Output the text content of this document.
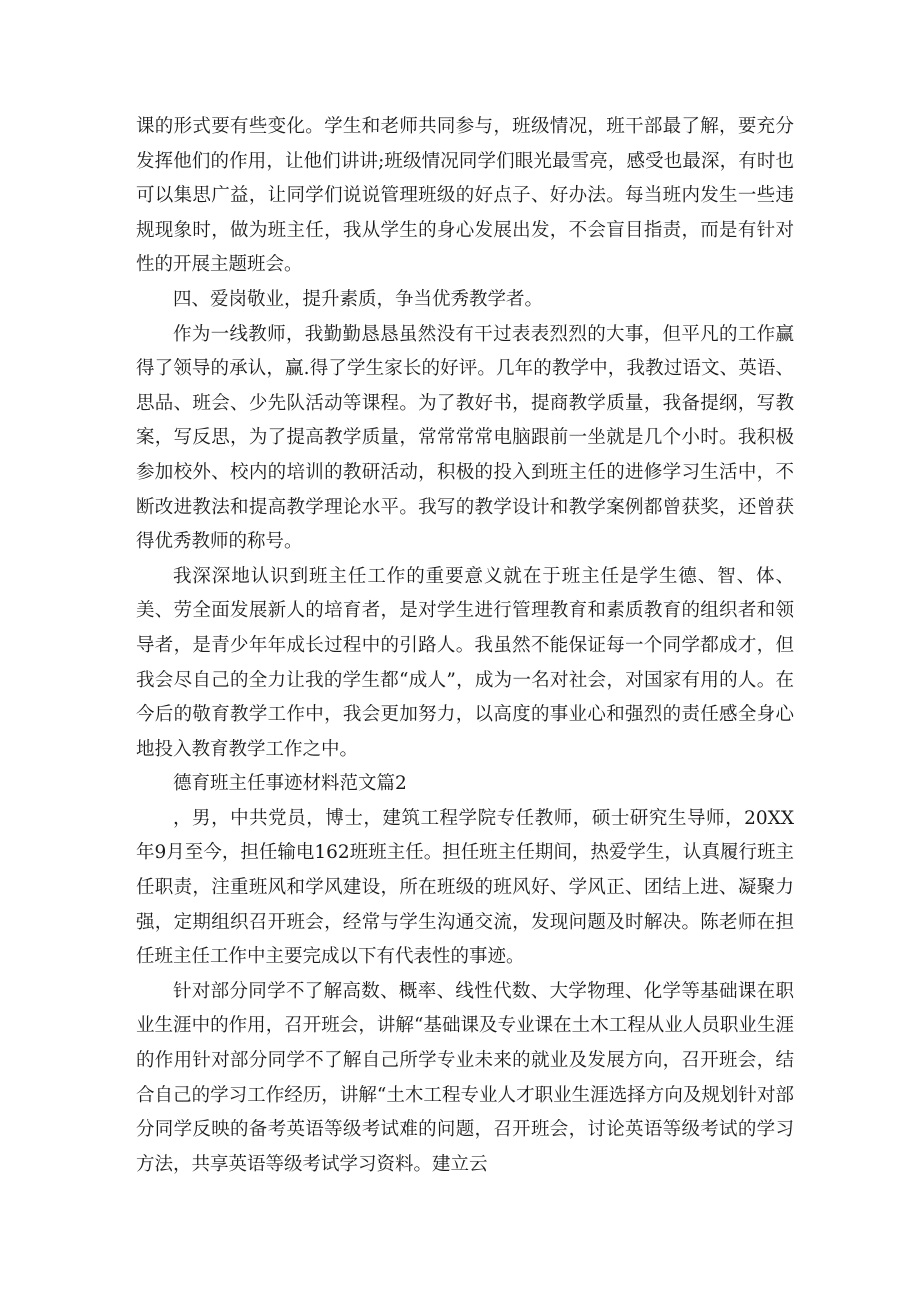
课的形式要有些变化。学生和老师共同参与，班级情况，班干部最了解，要充分发挥他们的作用，让他们讲讲;班级情况同学们眼光最雪亮，感受也最深，有时也可以集思广益，让同学们说说管理班级的好点子、好办法。每当班内发生一些违规现象时，做为班主任，我从学生的身心发展出发，不会盲目指责，而是有针对性的开展主题班会。

四、爱岗敬业，提升素质，争当优秀教学者。

作为一线教师，我勤勤恳恳虽然没有干过表表烈烈的大事，但平凡的工作赢得了领导的承认，赢.得了学生家长的好评。几年的教学中，我教过语文、英语、思品、班会、少先队活动等课程。为了教好书，提商教学质量，我备提纲，写教案，写反思，为了提高教学质量，常常常常电脑跟前一坐就是几个小时。我积极参加校外、校内的培训的教研活动，积极的投入到班主任的进修学习生活中，不断改进教法和提高教学理论水平。我写的教学设计和教学案例都曾获奖，还曾获得优秀教师的称号。

我深深地认识到班主任工作的重要意义就在于班主任是学生德、智、体、美、劳全面发展新人的培育者，是对学生进行管理教育和素质教育的组织者和领导者，是青少年年成长过程中的引路人。我虽然不能保证每一个同学都成才，但我会尽自己的全力让我的学生都“成人”，成为一名对社会，对国家有用的人。在今后的敬育教学工作中，我会更加努力，以高度的事业心和强烈的责任感全身心地投入教育教学工作之中。

德育班主任事迹材料范文篇2

，男，中共党员，博士，建筑工程学院专任教师，硕士研究生导师，20XX年9月至今，担任输电162班班主任。担任班主任期间，热爱学生，认真履行班主任职责，注重班风和学风建设，所在班级的班风好、学风正、团结上进、凝聚力强，定期组织召开班会，经常与学生沟通交流，发现问题及时解决。陈老师在担任班主任工作中主要完成以下有代表性的事迹。

针对部分同学不了解高数、概率、线性代数、大学物理、化学等基础课在职业生涯中的作用，召开班会，讲解“基础课及专业课在土木工程从业人员职业生涯的作用针对部分同学不了解自己所学专业未来的就业及发展方向，召开班会，结合自己的学习工作经历，讲解“土木工程专业人才职业生涯选择方向及规划针对部分同学反映的备考英语等级考试难的问题，召开班会，讨论英语等级考试的学习方法，共享英语等级考试学习资料。建立云
